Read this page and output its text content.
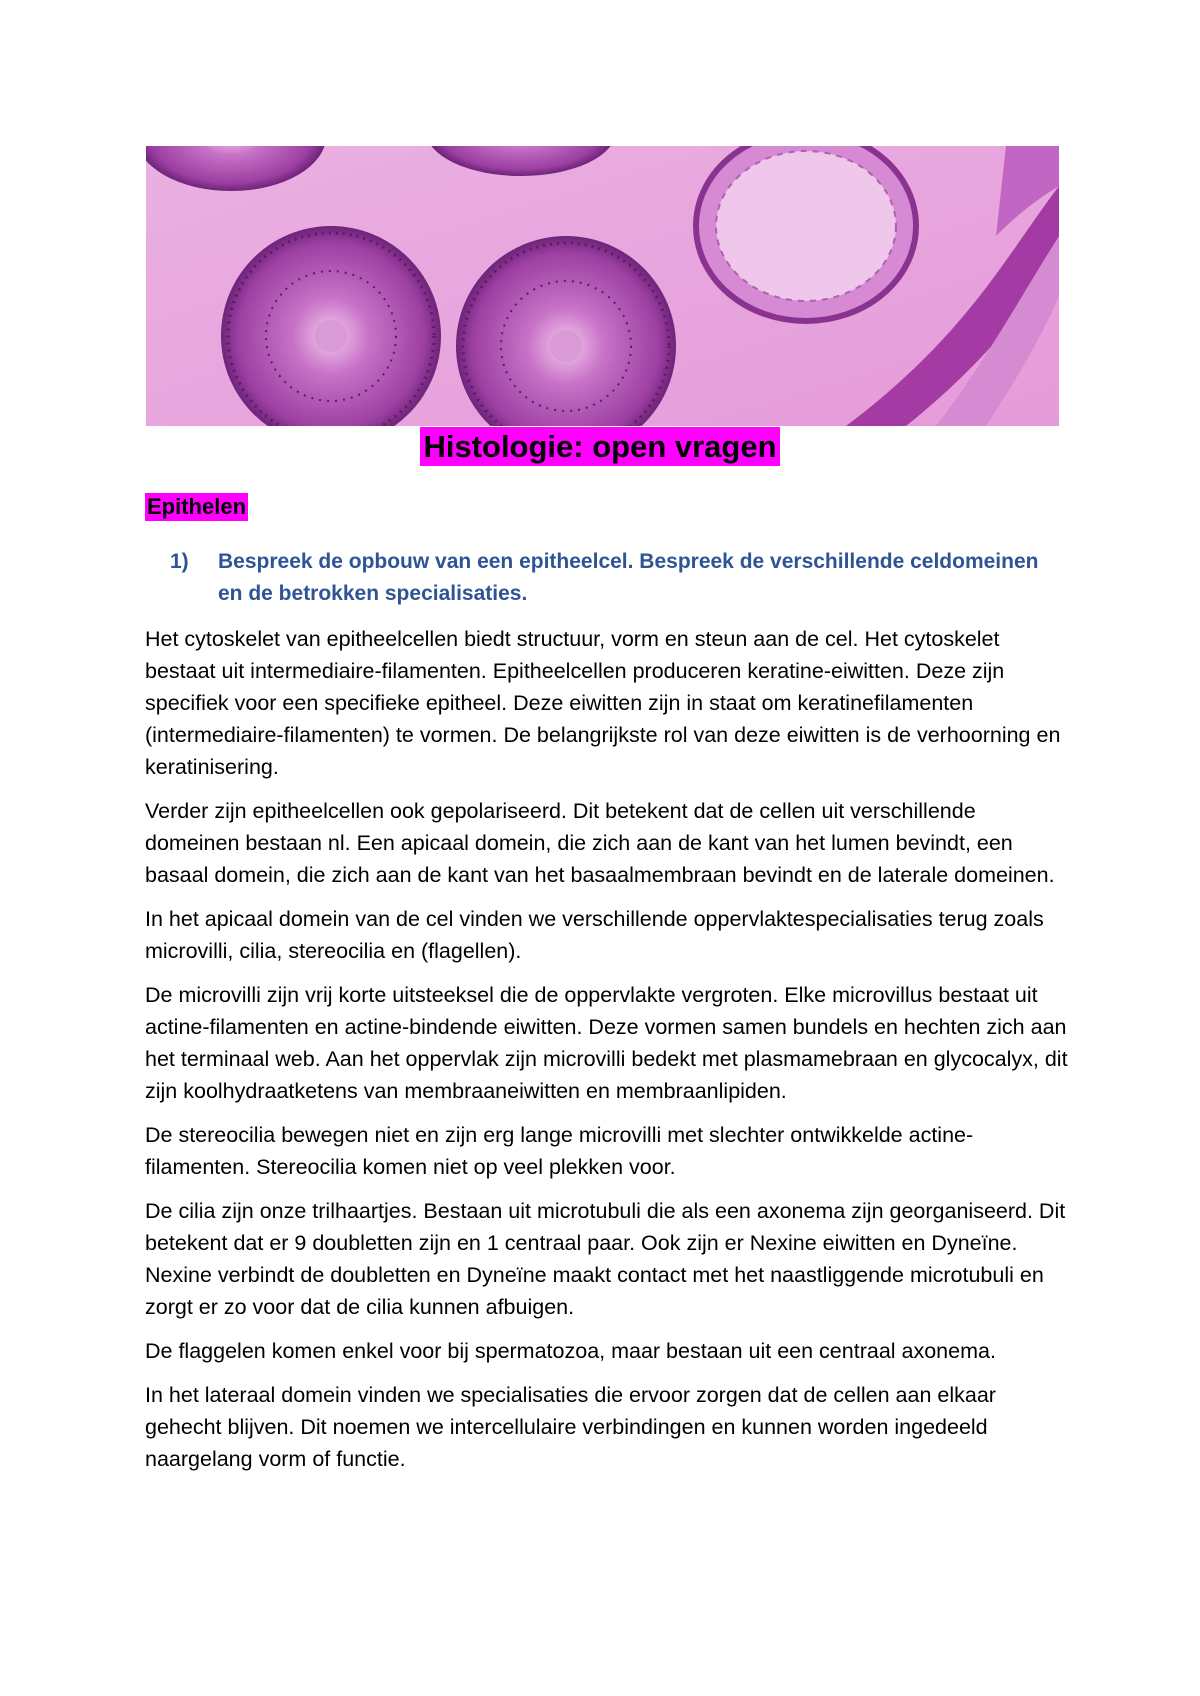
Histologie: open vragen
Epithelen
1)	Bespreek de opbouw van een epitheelcel. Bespreek de verschillende celdomeinen en de betrokken specialisaties.

Het cytoskelet van epitheelcellen biedt structuur, vorm en steun aan de cel. Het cytoskelet bestaat uit intermediaire-filamenten. Epitheelcellen produceren keratine-eiwitten. Deze zijn specifiek voor een specifieke epitheel. Deze eiwitten zijn in staat om keratinefilamenten (intermediaire-filamenten) te vormen. De belangrijkste rol van deze eiwitten is de verhoorning en keratinisering.

Verder zijn epitheelcellen ook gepolariseerd. Dit betekent dat de cellen uit verschillende domeinen bestaan nl. Een apicaal domein, die zich aan de kant van het lumen bevindt, een basaal domein, die zich aan de kant van het basaalmembraan bevindt en de laterale domeinen.

In het apicaal domein van de cel vinden we verschillende oppervlaktespecialisaties terug zoals microvilli, cilia, stereocilia en (flagellen).

De microvilli zijn vrij korte uitsteeksel die de oppervlakte vergroten. Elke microvillus bestaat uit actine-filamenten en actine-bindende eiwitten. Deze vormen samen bundels en hechten zich aan het terminaal web. Aan het oppervlak zijn microvilli bedekt met plasmamebraan en glycocalyx, dit zijn koolhydraatketens van membraaneiwitten en membraanlipiden.

De stereocilia bewegen niet en zijn erg lange microvilli met slechter ontwikkelde actine-filamenten. Stereocilia komen niet op veel plekken voor.

De cilia zijn onze trilhaartjes. Bestaan uit microtubuli die als een axonema zijn georganiseerd. Dit betekent dat er 9 doubletten zijn en 1 centraal paar. Ook zijn er Nexine eiwitten en Dyneïne. Nexine verbindt de doubletten en Dyneïne maakt contact met het naastliggende microtubuli en zorgt er zo voor dat de cilia kunnen afbuigen.

De flaggelen komen enkel voor bij spermatozoa, maar bestaan uit een centraal axonema.

In het lateraal domein vinden we specialisaties die ervoor zorgen dat de cellen aan elkaar gehecht blijven. Dit noemen we intercellulaire verbindingen en kunnen worden ingedeeld naargelang vorm of functie.
